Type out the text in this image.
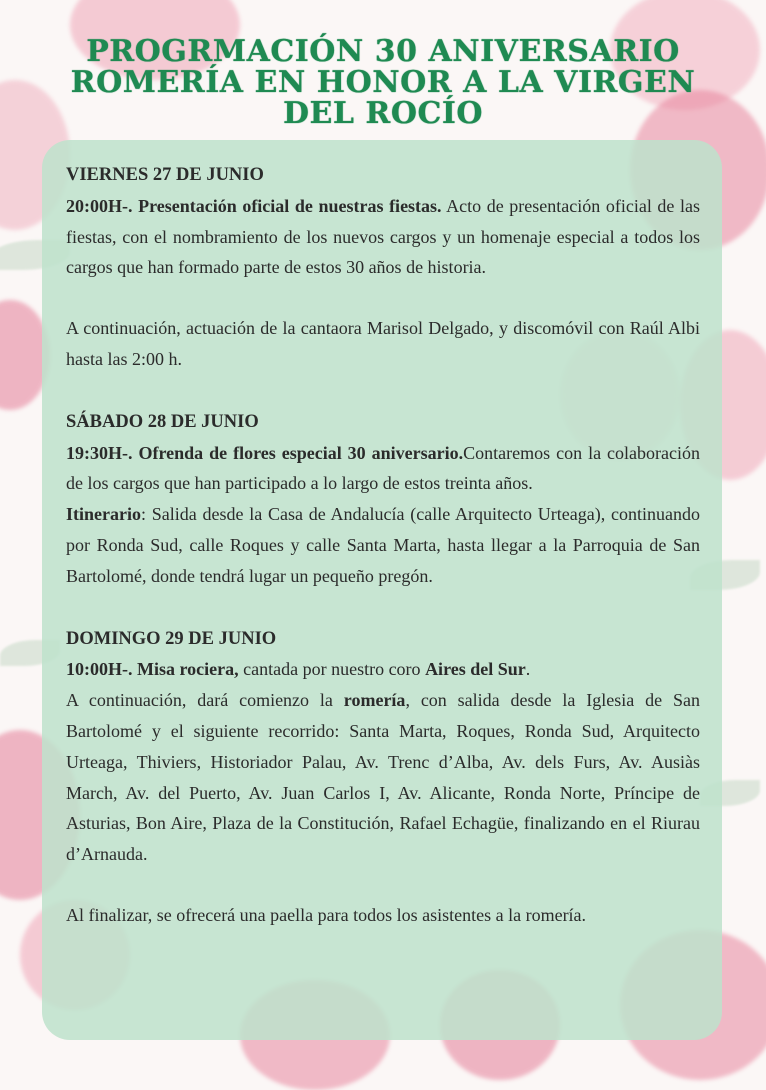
PROGRMACIÓN 30 ANIVERSARIO
ROMERÍA EN HONOR A LA VIRGEN
DEL ROCÍO

VIERNES 27 DE JUNIO

20:00H-. Presentación oficial de nuestras fiestas. Acto de presentación oficial de las fiestas, con el nombramiento de los nuevos cargos y un homenaje especial a todos los cargos que han formado parte de estos 30 años de historia.

A continuación, actuación de la cantaora Marisol Delgado, y discomóvil con Raúl Albi hasta las 2:00 h.

SÁBADO 28 DE JUNIO

19:30H-. Ofrenda de flores especial 30 aniversario.Contaremos con la colaboración de los cargos que han participado a lo largo de estos treinta años.

Itinerario: Salida desde la Casa de Andalucía (calle Arquitecto Urteaga), continuando por Ronda Sud, calle Roques y calle Santa Marta, hasta llegar a la Parroquia de San Bartolomé, donde tendrá lugar un pequeño pregón.

DOMINGO 29 DE JUNIO

10:00H-. Misa rociera, cantada por nuestro coro Aires del Sur.

A continuación, dará comienzo la romería, con salida desde la Iglesia de San Bartolomé y el siguiente recorrido: Santa Marta, Roques, Ronda Sud, Arquitecto Urteaga, Thiviers, Historiador Palau, Av. Trenc d’Alba, Av. dels Furs, Av. Ausiàs March, Av. del Puerto, Av. Juan Carlos I, Av. Alicante, Ronda Norte, Príncipe de Asturias, Bon Aire, Plaza de la Constitución, Rafael Echagüe, finalizando en el Riurau d’Arnauda.

Al finalizar, se ofrecerá una paella para todos los asistentes a la romería.
